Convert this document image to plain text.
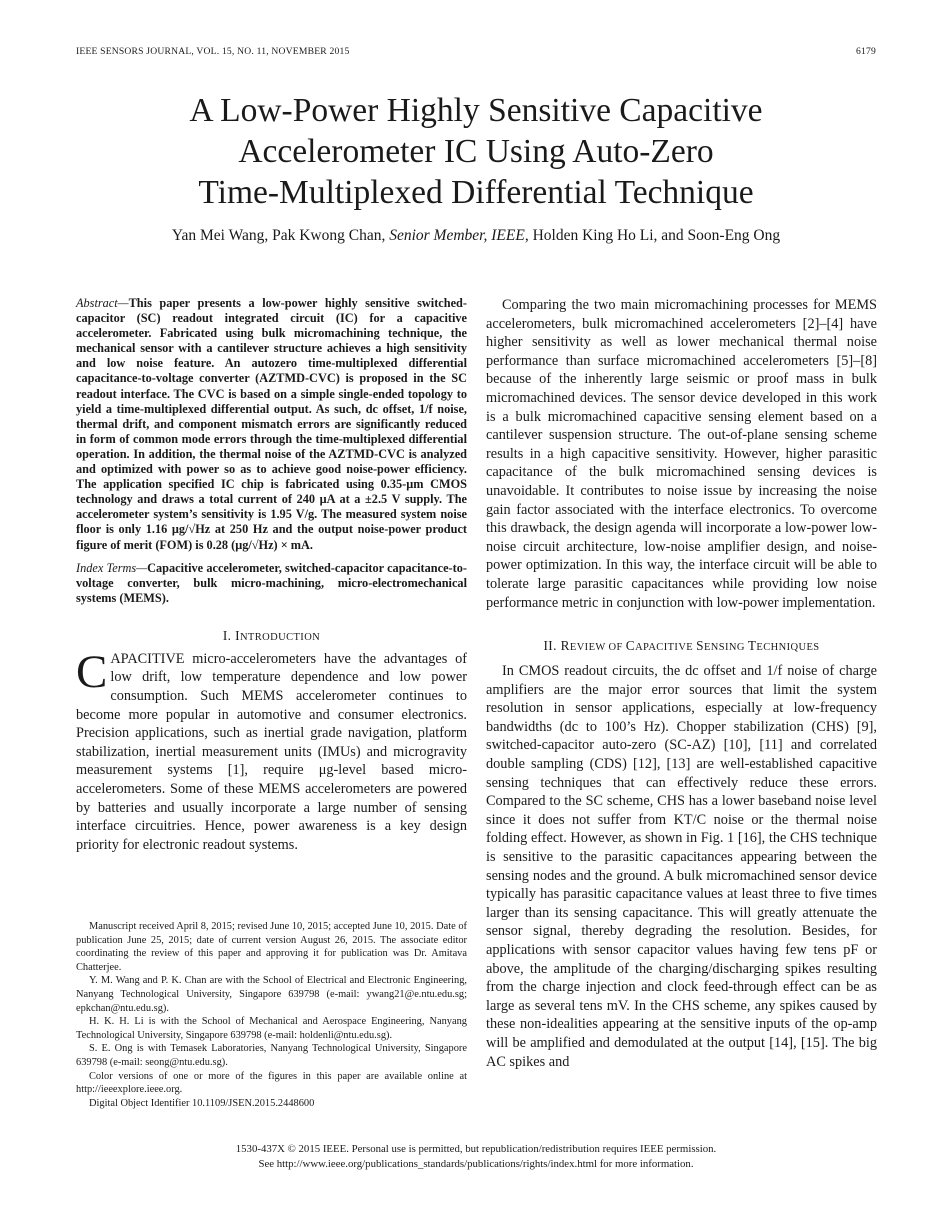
IEEE SENSORS JOURNAL, VOL. 15, NO. 11, NOVEMBER 2015	6179
A Low-Power Highly Sensitive Capacitive
Accelerometer IC Using Auto-Zero
Time-Multiplexed Differential Technique
Yan Mei Wang, Pak Kwong Chan, Senior Member, IEEE, Holden King Ho Li, and Soon-Eng Ong

Abstract—This paper presents a low-power highly sensitive switched-capacitor (SC) readout integrated circuit (IC) for a capacitive accelerometer. Fabricated using bulk micromachining technique, the mechanical sensor with a cantilever structure achieves a high sensitivity and low noise feature. An autozero time-multiplexed differential capacitance-to-voltage converter (AZTMD-CVC) is proposed in the SC readout interface. The CVC is based on a simple single-ended topology to yield a time-multiplexed differential output. As such, dc offset, 1/f noise, thermal drift, and component mismatch errors are significantly reduced in form of common mode errors through the time-multiplexed differential operation. In addition, the thermal noise of the AZTMD-CVC is analyzed and optimized with power so as to achieve good noise-power efficiency. The application specified IC chip is fabricated using 0.35-μm CMOS technology and draws a total current of 240 μA at a ±2.5 V supply. The accelerometer system’s sensitivity is 1.95 V/g. The measured system noise floor is only 1.16 μg/√Hz at 250 Hz and the output noise-power product figure of merit (FOM) is 0.28 (μg/√Hz) × mA.

Index Terms—Capacitive accelerometer, switched-capacitor capacitance-to-voltage converter, bulk micro-machining, micro-electromechanical systems (MEMS).

I. INTRODUCTION

CAPACITIVE micro-accelerometers have the advantages of low drift, low temperature dependence and low power consumption. Such MEMS accelerometer continues to become more popular in automotive and consumer electronics. Precision applications, such as inertial grade navigation, platform stabilization, inertial measurement units (IMUs) and microgravity measurement systems [1], require μg-level based micro-accelerometers. Some of these MEMS accelerometers are powered by batteries and usually incorporate a large number of sensing interface circuitries. Hence, power awareness is a key design priority for electronic readout systems.

Manuscript received April 8, 2015; revised June 10, 2015; accepted June 10, 2015. Date of publication June 25, 2015; date of current version August 26, 2015. The associate editor coordinating the review of this paper and approving it for publication was Dr. Amitava Chatterjee.

Y. M. Wang and P. K. Chan are with the School of Electrical and Electronic Engineering, Nanyang Technological University, Singapore 639798 (e-mail: ywang21@e.ntu.edu.sg; epkchan@ntu.edu.sg).

H. K. H. Li is with the School of Mechanical and Aerospace Engineering, Nanyang Technological University, Singapore 639798 (e-mail: holdenli@ntu.edu.sg).

S. E. Ong is with Temasek Laboratories, Nanyang Technological University, Singapore 639798 (e-mail: seong@ntu.edu.sg).

Color versions of one or more of the figures in this paper are available online at http://ieeexplore.ieee.org.

Digital Object Identifier 10.1109/JSEN.2015.2448600

Comparing the two main micromachining processes for MEMS accelerometers, bulk micromachined accelerometers [2]–[4] have higher sensitivity as well as lower mechanical thermal noise performance than surface micromachined accelerometers [5]–[8] because of the inherently large seismic or proof mass in bulk micromachined devices. The sensor device developed in this work is a bulk micromachined capacitive sensing element based on a cantilever suspension structure. The out-of-plane sensing scheme results in a high capacitive sensitivity. However, higher parasitic capacitance of the bulk micromachined sensing devices is unavoidable. It contributes to noise issue by increasing the noise gain factor associated with the interface electronics. To overcome this drawback, the design agenda will incorporate a low-power low-noise circuit architecture, low-noise amplifier design, and noise-power optimization. In this way, the interface circuit will be able to tolerate large parasitic capacitances while providing low noise performance metric in conjunction with low-power implementation.

II. REVIEW OF CAPACITIVE SENSING TECHNIQUES

In CMOS readout circuits, the dc offset and 1/f noise of charge amplifiers are the major error sources that limit the system resolution in sensor applications, especially at low-frequency bandwidths (dc to 100’s Hz). Chopper stabilization (CHS) [9], switched-capacitor auto-zero (SC-AZ) [10], [11] and correlated double sampling (CDS) [12], [13] are well-established capacitive sensing techniques that can effectively reduce these errors. Compared to the SC scheme, CHS has a lower baseband noise level since it does not suffer from KT/C noise or the thermal noise folding effect. However, as shown in Fig. 1 [16], the CHS technique is sensitive to the parasitic capacitances appearing between the sensing nodes and the ground. A bulk micromachined sensor device typically has parasitic capacitance values at least three to five times larger than its sensing capacitance. This will greatly attenuate the sensor signal, thereby degrading the resolution. Besides, for applications with sensor capacitor values having few tens pF or above, the amplitude of the charging/discharging spikes resulting from the charge injection and clock feed-through effect can be as large as several tens mV. In the CHS scheme, any spikes caused by these non-idealities appearing at the sensitive inputs of the op-amp will be amplified and demodulated at the output [14], [15]. The big AC spikes and

1530-437X © 2015 IEEE. Personal use is permitted, but republication/redistribution requires IEEE permission.
See http://www.ieee.org/publications_standards/publications/rights/index.html for more information.
